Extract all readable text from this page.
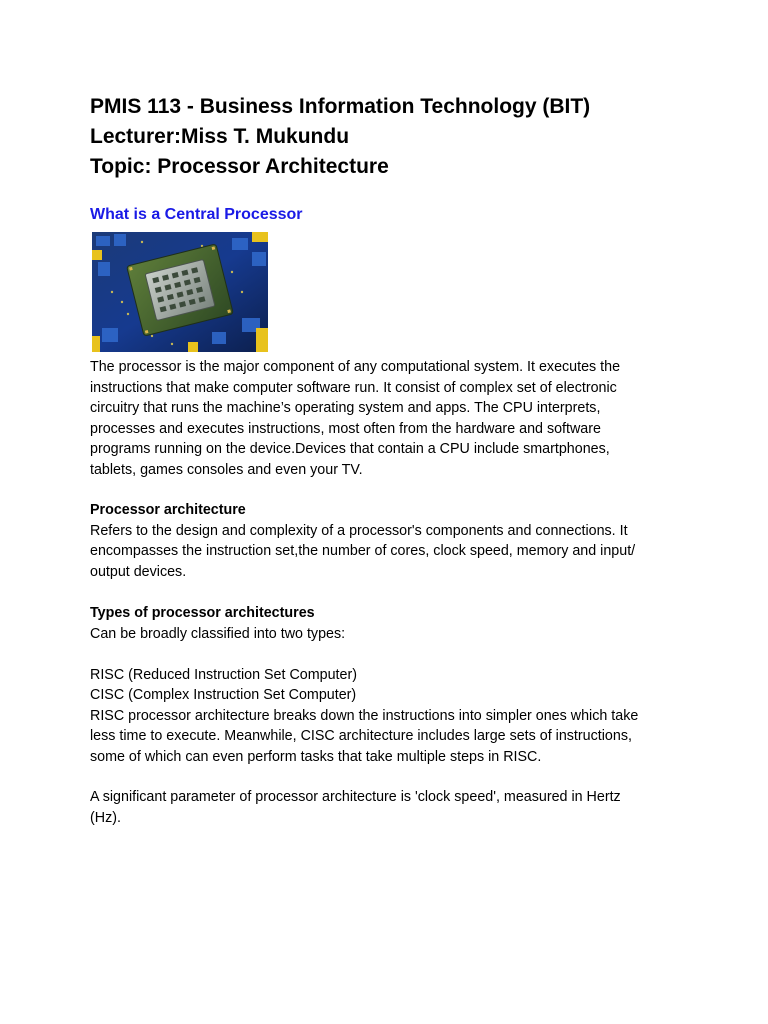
PMIS 113 - Business Information Technology (BIT)
Lecturer:Miss T. Mukundu
Topic: Processor Architecture
What is a Central Processor

The processor is the major component of any computational system. It executes the
instructions that make computer software run. It consist of complex set of electronic
circuitry that runs the machine’s operating system and apps. The CPU interprets,
processes and executes instructions, most often from the hardware and software
programs running on the device.Devices that contain a CPU include smartphones,
tablets, games consoles and even your TV.

Processor architecture

Refers to the design and complexity of a processor's components and connections. It
encompasses the instruction set,the number of cores, clock speed, memory and input/
output devices.

Types of processor architectures

Can be broadly classified into two types:

RISC (Reduced Instruction Set Computer)
CISC (Complex Instruction Set Computer)
RISC processor architecture breaks down the instructions into simpler ones which take
less time to execute. Meanwhile, CISC architecture includes large sets of instructions,
some of which can even perform tasks that take multiple steps in RISC.

A significant parameter of processor architecture is 'clock speed', measured in Hertz
(Hz).
